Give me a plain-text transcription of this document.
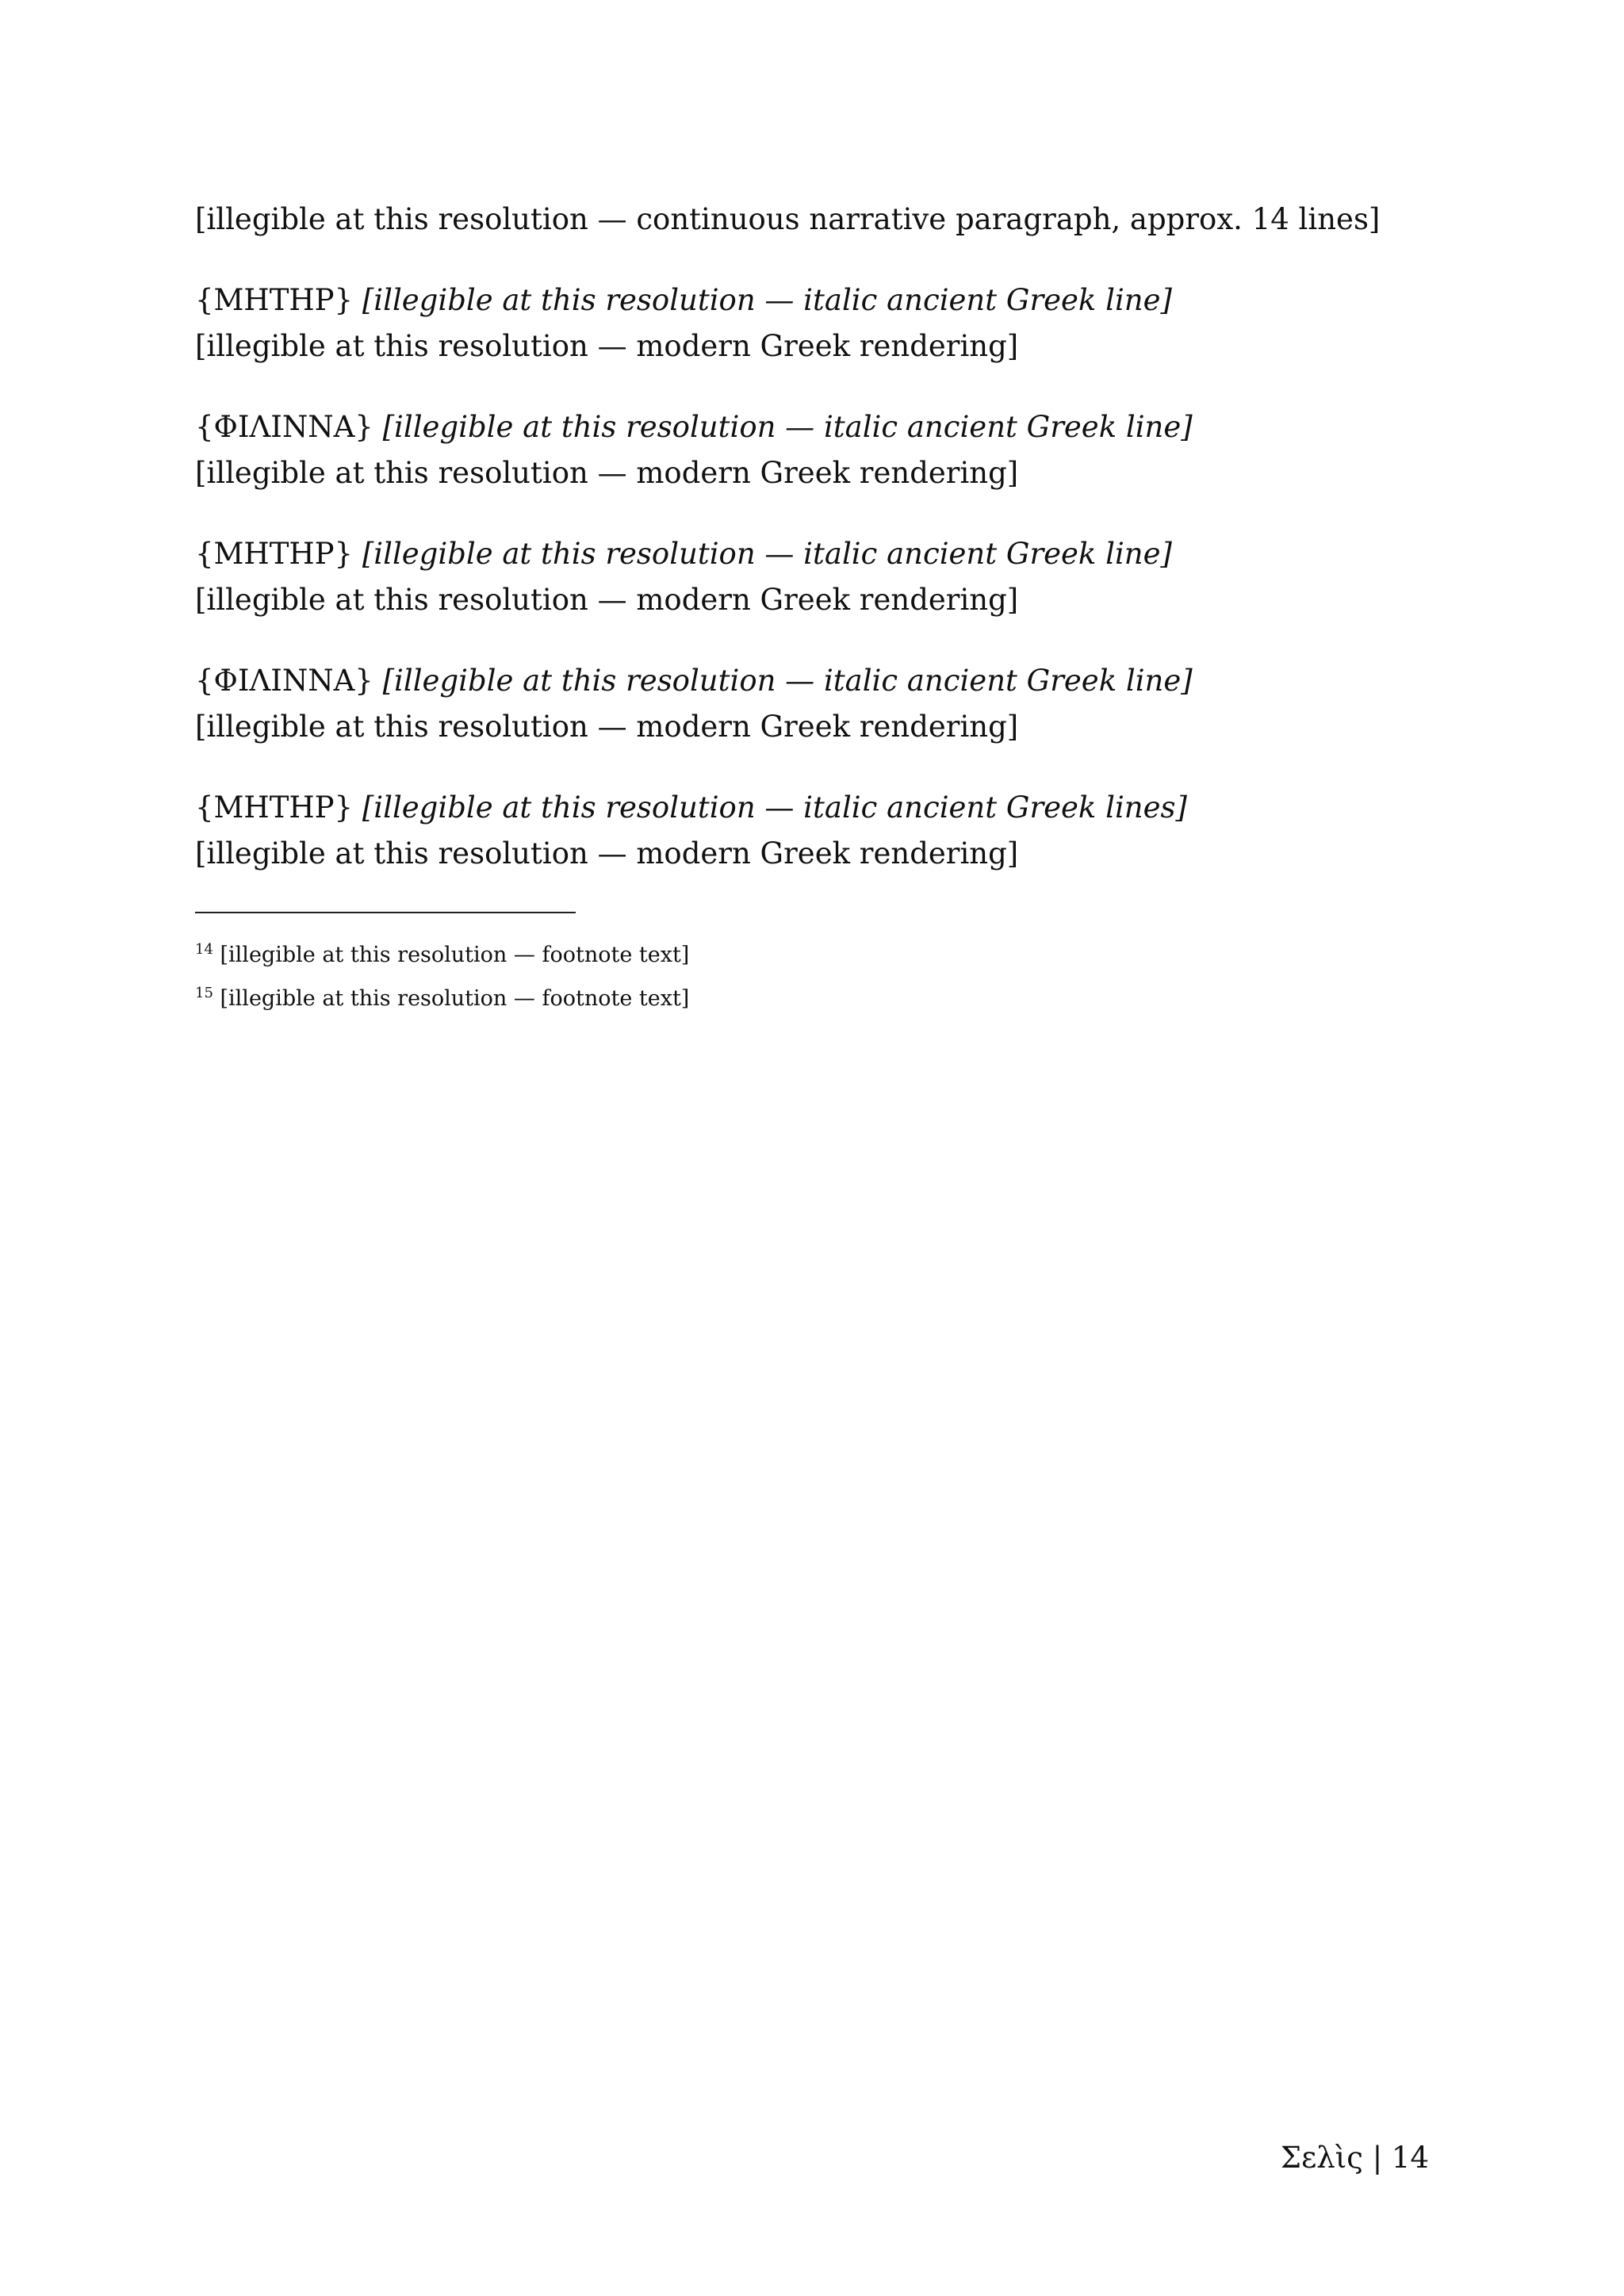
[illegible at this resolution — continuous narrative paragraph, approx. 14 lines]

{ΜΗΤΗΡ} [illegible at this resolution — italic ancient Greek line]
[illegible at this resolution — modern Greek rendering]

{ΦΙΛΙΝΝΑ} [illegible at this resolution — italic ancient Greek line]
[illegible at this resolution — modern Greek rendering]

{ΜΗΤΗΡ} [illegible at this resolution — italic ancient Greek line]
[illegible at this resolution — modern Greek rendering]

{ΦΙΛΙΝΝΑ} [illegible at this resolution — italic ancient Greek line]
[illegible at this resolution — modern Greek rendering]

{ΜΗΤΗΡ} [illegible at this resolution — italic ancient Greek lines]
[illegible at this resolution — modern Greek rendering]

$^{14}$ [illegible at this resolution — footnote text]

$^{15}$ [illegible at this resolution — footnote text]

Σελὶς | 14
